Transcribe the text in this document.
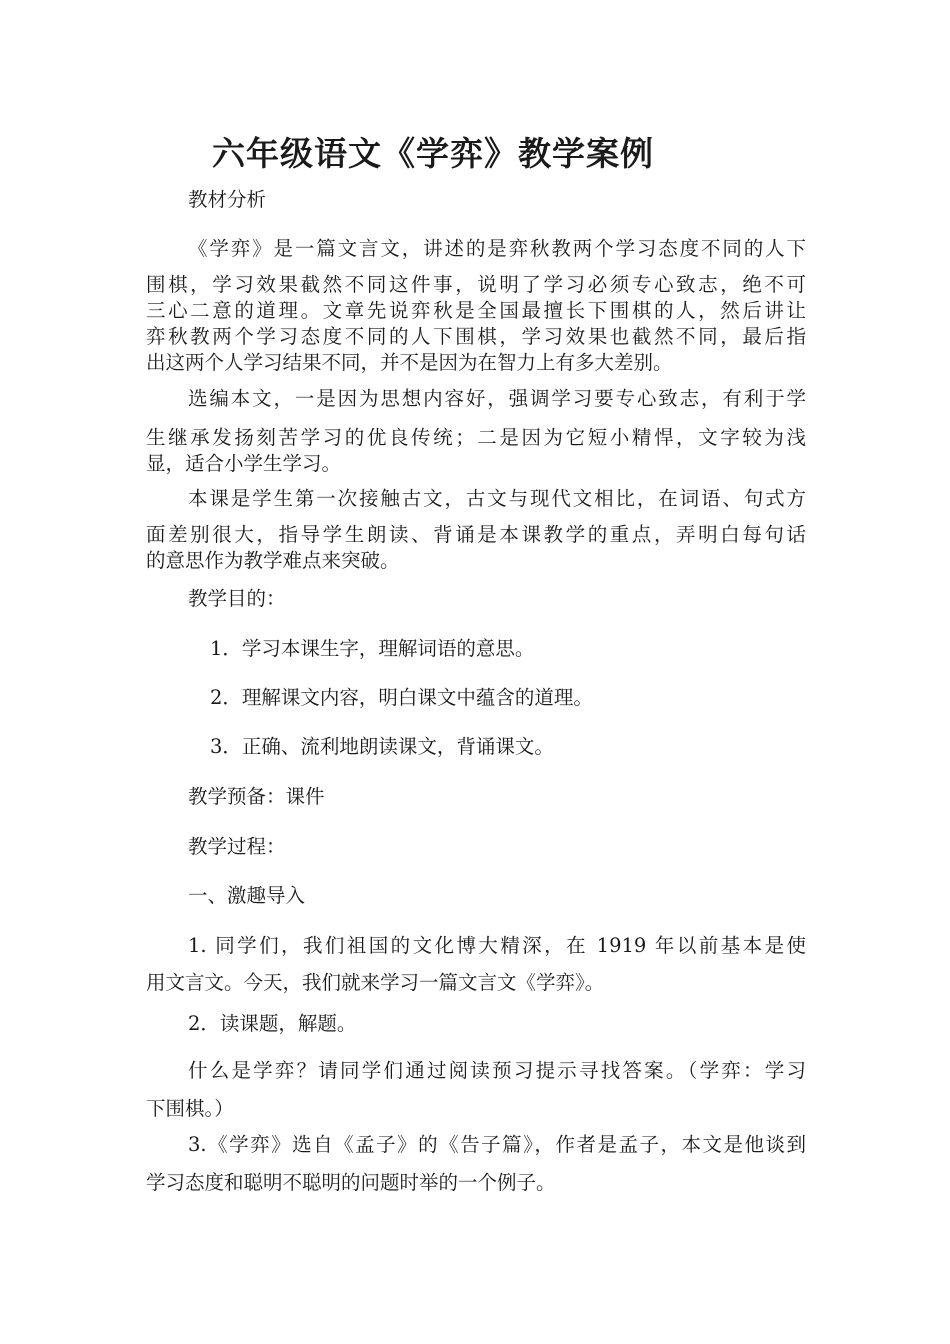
六年级语文《学弈》教学案例
教材分析
《学弈》是一篇文言文，讲述的是弈秋教两个学习态度不同的人下
围棋，学习效果截然不同这件事，说明了学习必须专心致志，绝不可
三心二意的道理。文章先说弈秋是全国最擅长下围棋的人，然后讲让
弈秋教两个学习态度不同的人下围棋，学习效果也截然不同，最后指
出这两个人学习结果不同，并不是因为在智力上有多大差别。
选编本文，一是因为思想内容好，强调学习要专心致志，有利于学
生继承发扬刻苦学习的优良传统；二是因为它短小精悍，文字较为浅
显，适合小学生学习。
本课是学生第一次接触古文，古文与现代文相比，在词语、句式方
面差别很大，指导学生朗读、背诵是本课教学的重点，弄明白每句话
的意思作为教学难点来突破。
教学目的：
1．学习本课生字，理解词语的意思。
2．理解课文内容，明白课文中蕴含的道理。
3．正确、流利地朗读课文，背诵课文。
教学预备：课件
教学过程：
一、激趣导入
1. 同学们，我们祖国的文化博大精深，在 1919 年以前基本是使
用文言文。今天，我们就来学习一篇文言文《学弈》。
2．读课题，解题。
什么是学弈？请同学们通过阅读预习提示寻找答案。（学弈：学习
下围棋。）
3.《学弈》选自《孟子》的《告子篇》，作者是孟子，本文是他谈到
学习态度和聪明不聪明的问题时举的一个例子。
